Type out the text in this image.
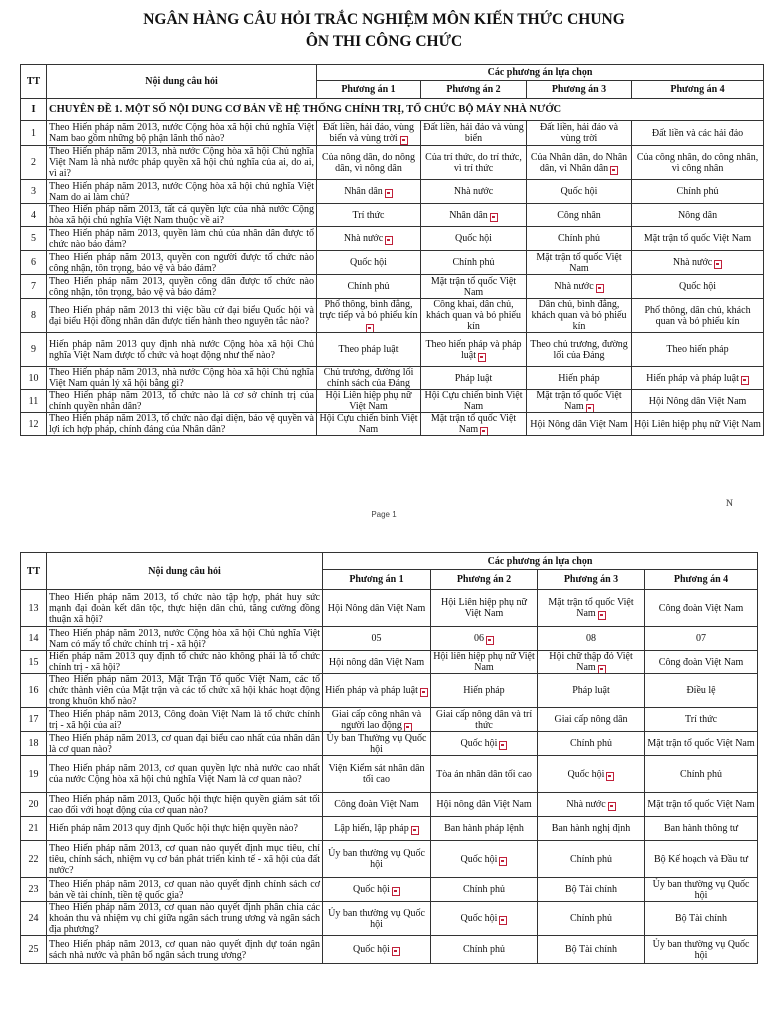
NGÂN HÀNG CÂU HỎI TRẮC NGHIỆM MÔN KIẾN THỨC CHUNG
ÔN THI CÔNG CHỨC
TT	Nội dung câu hỏi	Các phương án lựa chọn			
		Phương án 1	Phương án 2	Phương án 3	Phương án 4
I	CHUYÊN ĐỀ 1. MỘT SỐ NỘI DUNG CƠ BẢN VỀ HỆ THỐNG CHÍNH TRỊ, TỔ CHỨC BỘ MÁY NHÀ NƯỚC				
1	Theo Hiến pháp năm 2013, nước Cộng hòa xã hội chủ nghĩa Việt Nam bao gồm những bộ phận lãnh thổ nào?	Đất liền, hải đảo, vùng biển và vùng trời	Đất liền, hải đảo và vùng biển	Đất liền, hải đảo và vùng trời	Đất liền và các hải đảo
2	Theo Hiến pháp năm 2013, nhà nước Cộng hòa xã hội Chủ nghĩa Việt Nam là nhà nước pháp quyền xã hội chủ nghĩa của ai, do ai, vì ai?	Của nông dân, do nông dân, vì nông dân	Của trí thức, do trí thức, vì trí thức	Của Nhân dân, do Nhân dân, vì Nhân dân	Của công nhân, do công nhân, vì công nhân
3	Theo Hiến pháp năm 2013, nước Cộng hòa xã hội chủ nghĩa Việt Nam do ai làm chủ?	Nhân dân	Nhà nước	Quốc hội	Chính phủ
4	Theo Hiến pháp năm 2013, tất cả quyền lực của nhà nước Cộng hòa xã hội chủ nghĩa Việt Nam thuộc về ai?	Trí thức	Nhân dân	Công nhân	Nông dân
5	Theo Hiến pháp năm 2013, quyền làm chủ của nhân dân được tổ chức nào bảo đảm?	Nhà nước	Quốc hội	Chính phủ	Mặt trận tổ quốc Việt Nam
6	Theo Hiến pháp năm 2013, quyền con người được tổ chức nào công nhận, tôn trọng, bảo vệ và bảo đảm?	Quốc hội	Chính phủ	Mặt trận tổ quốc Việt Nam	Nhà nước
7	Theo Hiến pháp năm 2013, quyền công dân được tổ chức nào công nhận, tôn trọng, bảo vệ và bảo đảm?	Chính phủ	Mặt trận tổ quốc Việt Nam	Nhà nước	Quốc hội
8	Theo Hiến pháp năm 2013 thì việc bầu cử đại biểu Quốc hội và đại biểu Hội đồng nhân dân được tiến hành theo nguyên tắc nào?	Phổ thông, bình đẳng, trực tiếp và bỏ phiếu kín	Công khai, dân chủ, khách quan và bỏ phiếu kín	Dân chủ, bình đẳng, khách quan và bỏ phiếu kín	Phổ thông, dân chủ, khách quan và bỏ phiếu kín
9	Hiến pháp năm 2013 quy định nhà nước Cộng hòa xã hội Chủ nghĩa Việt Nam được tổ chức và hoạt động như thế nào?	Theo pháp luật	Theo hiến pháp và pháp luật	Theo chủ trương, đường lối của Đảng	Theo hiến pháp
10	Theo Hiến pháp năm 2013, nhà nước Cộng hòa xã hội Chủ nghĩa Việt Nam quản lý xã hội bằng gì?	Chủ trương, đường lối chính sách của Đảng	Pháp luật	Hiến pháp	Hiến pháp và pháp luật
11	Theo Hiến pháp năm 2013, tổ chức nào là cơ sở chính trị của chính quyền nhân dân?	Hội Liên hiệp phụ nữ Việt Nam	Hội Cựu chiến binh Việt Nam	Mặt trận tổ quốc Việt Nam	Hội Nông dân Việt Nam
12	Theo Hiến pháp năm 2013, tổ chức nào đại diện, bảo vệ quyền và lợi ích hợp pháp, chính đáng của Nhân dân?	Hội Cựu chiến binh Việt Nam	Mặt trận tổ quốc Việt Nam	Hội Nông dân Việt Nam	Hội Liên hiệp phụ nữ Việt Nam
ɴ
Page 1
TT	Nội dung câu hỏi	Các phương án lựa chọn			
		Phương án 1	Phương án 2	Phương án 3	Phương án 4
13	Theo Hiến pháp năm 2013, tổ chức nào tập hợp, phát huy sức mạnh đại đoàn kết dân tộc, thực hiện dân chủ, tăng cường đồng thuận xã hội?	Hội Nông dân Việt Nam	Hội Liên hiệp phụ nữ Việt Nam	Mặt trận tổ quốc Việt Nam	Công đoàn Việt Nam
14	Theo Hiến pháp năm 2013, nước Cộng hòa xã hội Chủ nghĩa Việt Nam có mấy tổ chức chính trị - xã hội?	05	06	08	07
15	Hiến pháp năm 2013 quy định tổ chức nào không phải là tổ chức chính trị - xã hội?	Hội nông dân Việt Nam	Hội liên hiệp phụ nữ Việt Nam	Hội chữ thập đỏ Việt Nam	Công đoàn Việt Nam
16	Theo Hiến pháp năm 2013, Mặt Trận Tổ quốc Việt Nam, các tổ chức thành viên của Mặt trận và các tổ chức xã hội khác hoạt động trong khuôn khổ nào?	Hiến pháp và pháp luật	Hiến pháp	Pháp luật	Điều lệ
17	Theo Hiến pháp năm 2013, Công đoàn Việt Nam là tổ chức chính trị - xã hội của ai?	Giai cấp công nhân và người lao động	Giai cấp nông dân và trí thức	Giai cấp nông dân	Trí thức
18	Theo Hiến pháp năm 2013, cơ quan đại biểu cao nhất của nhân dân là cơ quan nào?	Ủy ban Thường vụ Quốc hội	Quốc hội	Chính phủ	Mặt trận tổ quốc Việt Nam
19	Theo Hiến pháp năm 2013, cơ quan quyền lực nhà nước cao nhất của nước Cộng hòa xã hội chủ nghĩa Việt Nam là cơ quan nào?	Viện Kiểm sát nhân dân tối cao	Tòa án nhân dân tối cao	Quốc hội	Chính phủ
20	Theo Hiến pháp năm 2013, Quốc hội thực hiện quyền giám sát tối cao đối với hoạt động của cơ quan nào?	Công đoàn Việt Nam	Hội nông dân Việt Nam	Nhà nước	Mặt trận tổ quốc Việt Nam
21	Hiến pháp năm 2013 quy định Quốc hội thực hiện quyền nào?	Lập hiến, lập pháp	Ban hành pháp lệnh	Ban hành nghị định	Ban hành thông tư
22	Theo Hiến pháp năm 2013, cơ quan nào quyết định mục tiêu, chỉ tiêu, chính sách, nhiệm vụ cơ bản phát triển kinh tế - xã hội của đất nước?	Ủy ban thường vụ Quốc hội	Quốc hội	Chính phủ	Bộ Kế hoạch và Đầu tư
23	Theo Hiến pháp năm 2013, cơ quan nào quyết định chính sách cơ bản về tài chính, tiền tệ quốc gia?	Quốc hội	Chính phủ	Bộ Tài chính	Ủy ban thường vụ Quốc hội
24	Theo Hiến pháp năm 2013, cơ quan nào quyết định phân chia các khoản thu và nhiệm vụ chi giữa ngân sách trung ương và ngân sách địa phương?	Ủy ban thường vụ Quốc hội	Quốc hội	Chính phủ	Bộ Tài chính
25	Theo Hiến pháp năm 2013, cơ quan nào quyết định dự toán ngân sách nhà nước và phân bổ ngân sách trung ương?	Quốc hội	Chính phủ	Bộ Tài chính	Ủy ban thường vụ Quốc hội
